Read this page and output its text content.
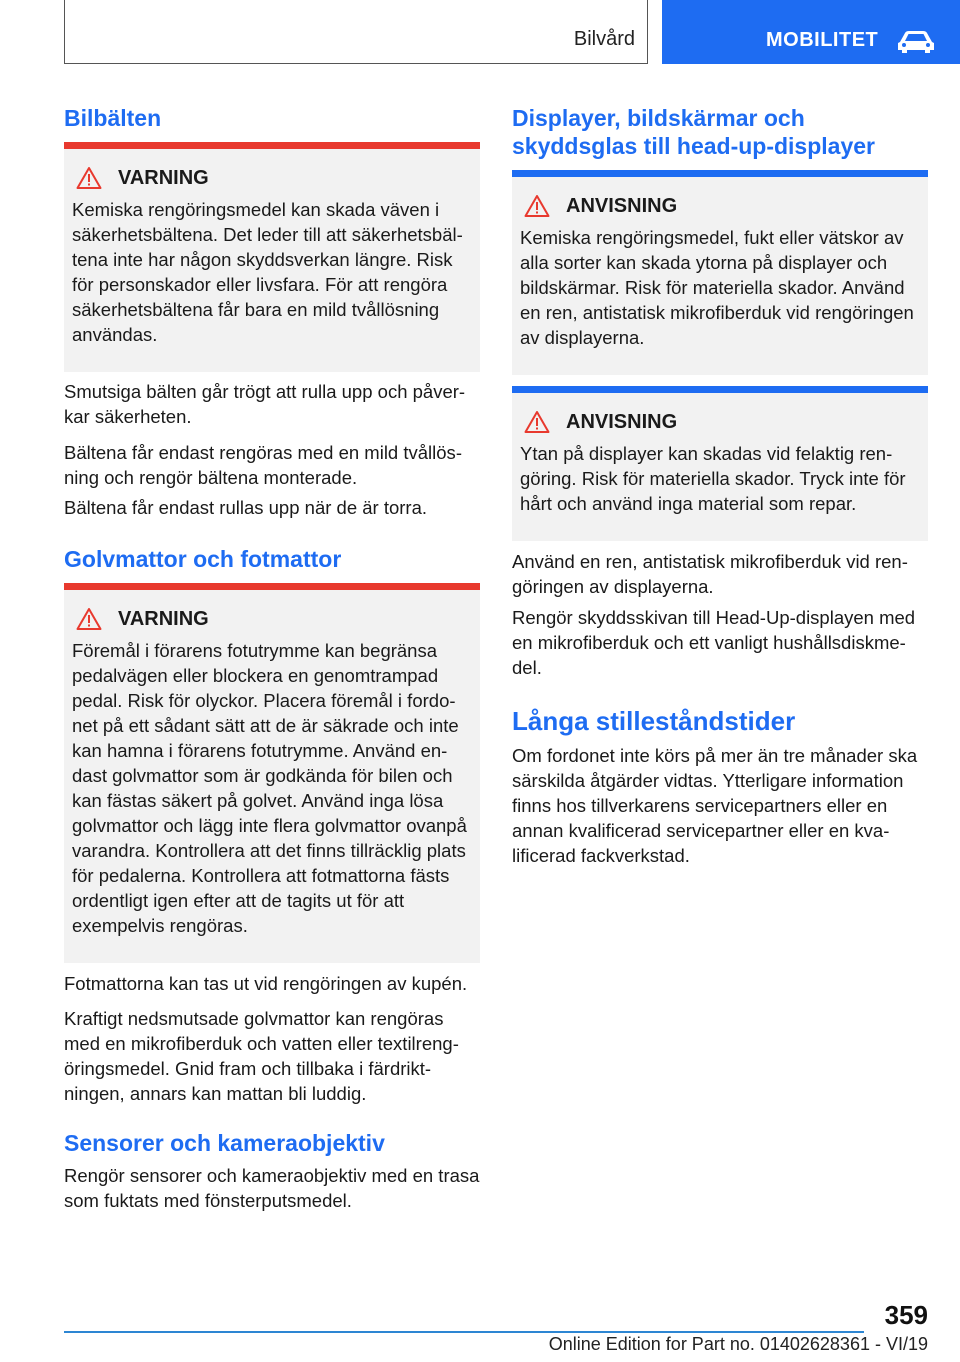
Bilvård	MOBILITET
Bilbälten
VARNING
Kemiska rengöringsmedel kan skada väven i säkerhetsbältena. Det leder till att säkerhetsbältena inte har någon skyddsverkan längre. Risk för personskador eller livsfara. För att rengöra säkerhetsbältena får bara en mild tvållösning användas.

Smutsiga bälten går trögt att rulla upp och påverkar säkerheten.

Bältena får endast rengöras med en mild tvållösning och rengör bältena monterade.

Bältena får endast rullas upp när de är torra.

Golvmattor och fotmattor
VARNING
Föremål i förarens fotutrymme kan begränsa pedalvägen eller blockera en genomtrampad pedal. Risk för olyckor. Placera föremål i fordonet på ett sådant sätt att de är säkrade och inte kan hamna i förarens fotutrymme. Använd endast golvmattor som är godkända för bilen och kan fästas säkert på golvet. Använd inga lösa golvmattor och lägg inte flera golvmattor ovanpå varandra. Kontrollera att det finns tillräcklig plats för pedalerna. Kontrollera att fotmattorna fästs ordentligt igen efter att de tagits ut för att exempelvis rengöras.

Fotmattorna kan tas ut vid rengöringen av kupén.

Kraftigt nedsmutsade golvmattor kan rengöras med en mikrofiberduk och vatten eller textilrengöringsmedel. Gnid fram och tillbaka i färdriktningen, annars kan mattan bli luddig.

Sensorer och kameraobjektiv

Rengör sensorer och kameraobjektiv med en trasa som fuktats med fönsterputsmedel.

Displayer, bildskärmar och skyddsglas till head-up-displayer
ANVISNING
Kemiska rengöringsmedel, fukt eller vätskor av alla sorter kan skada ytorna på displayer och bildskärmar. Risk för materiella skador. Använd en ren, antistatisk mikrofiberduk vid rengöringen av displayerna.
ANVISNING
Ytan på displayer kan skadas vid felaktig rengöring. Risk för materiella skador. Tryck inte för hårt och använd inga material som repar.

Använd en ren, antistatisk mikrofiberduk vid rengöringen av displayerna.

Rengör skyddsskivan till Head-Up-displayen med en mikrofiberduk och ett vanligt hushållsdiskmedel.

Långa stilleståndstider

Om fordonet inte körs på mer än tre månader ska särskilda åtgärder vidtas. Ytterligare information finns hos tillverkarens servicepartners eller en annan kvalificerad servicepartner eller en kvalificerad fackverkstad.

359
Online Edition for Part no. 01402628361 - VI/19
